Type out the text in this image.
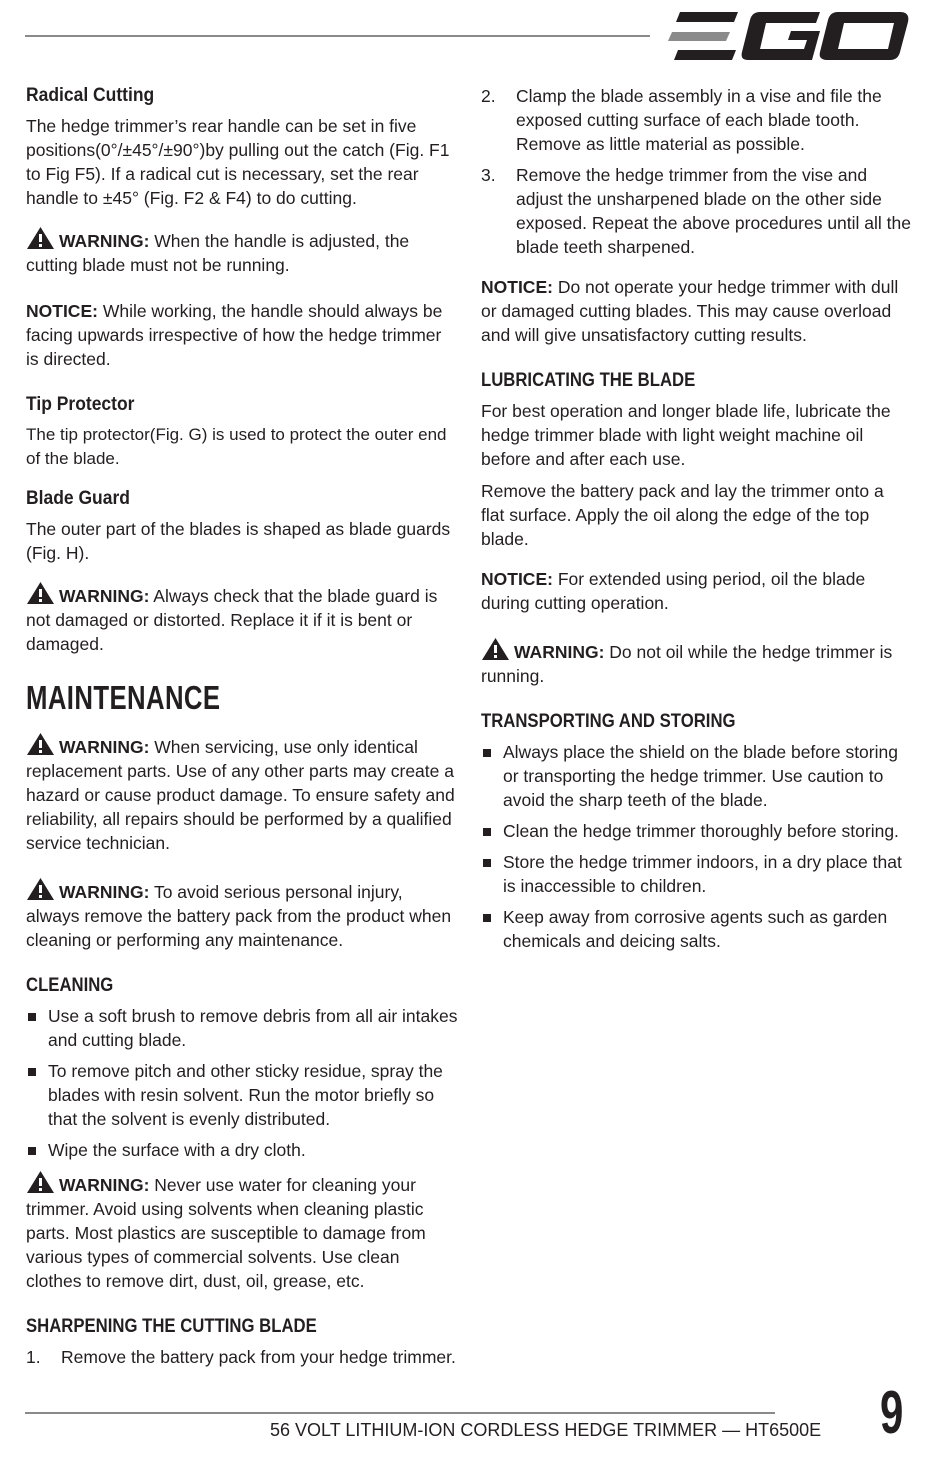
Radical Cutting

The hedge trimmer’s rear handle can be set in five positions(0°/±45°/±90°)by pulling out the catch (Fig. F1 to Fig F5). If a radical cut is necessary, set the rear handle to ±45° (Fig. F2 & F4) to do cutting.

WARNING: When the handle is adjusted, the cutting blade must not be running.

NOTICE: While working, the handle should always be facing upwards irrespective of how the hedge trimmer is directed.

Tip Protector

The tip protector(Fig. G) is used to protect the outer end of the blade.

Blade Guard

The outer part of the blades is shaped as blade guards (Fig. H).

WARNING: Always check that the blade guard is not damaged or distorted. Replace it if it is bent or damaged.

MAINTENANCE

WARNING: When servicing, use only identical replacement parts. Use of any other parts may create a hazard or cause product damage. To ensure safety and reliability, all repairs should be performed by a qualified service technician.

WARNING: To avoid serious personal injury, always remove the battery pack from the product when cleaning or performing any maintenance.

CLEANING
Use a soft brush to remove debris from all air intakes and cutting blade.
To remove pitch and other sticky residue, spray the blades with resin solvent. Run the motor briefly so that the solvent is evenly distributed.
Wipe the surface with a dry cloth.

WARNING: Never use water for cleaning your trimmer. Avoid using solvents when cleaning plastic parts. Most plastics are susceptible to damage from various types of commercial solvents. Use clean clothes to remove dirt, dust, oil, grease, etc.

SHARPENING THE CUTTING BLADE
1. Remove the battery pack from your hedge trimmer.
2. Clamp the blade assembly in a vise and file the exposed cutting surface of each blade tooth. Remove as little material as possible.
3. Remove the hedge trimmer from the vise and adjust the unsharpened blade on the other side exposed. Repeat the above procedures until all the blade teeth sharpened.

NOTICE: Do not operate your hedge trimmer with dull or damaged cutting blades. This may cause overload and will give unsatisfactory cutting results.

LUBRICATING THE BLADE

For best operation and longer blade life, lubricate the hedge trimmer blade with light weight machine oil before and after each use.

Remove the battery pack and lay the trimmer onto a flat surface. Apply the oil along the edge of the top blade.

NOTICE: For extended using period, oil the blade during cutting operation.

WARNING: Do not oil while the hedge trimmer is running.

TRANSPORTING AND STORING
Always place the shield on the blade before storing or transporting the hedge trimmer. Use caution to avoid the sharp teeth of the blade.
Clean the hedge trimmer thoroughly before storing.
Store the hedge trimmer indoors, in a dry place that is inaccessible to children.
Keep away from corrosive agents such as garden chemicals and deicing salts.
56 VOLT LITHIUM-ION CORDLESS HEDGE TRIMMER — HT6500E 9
